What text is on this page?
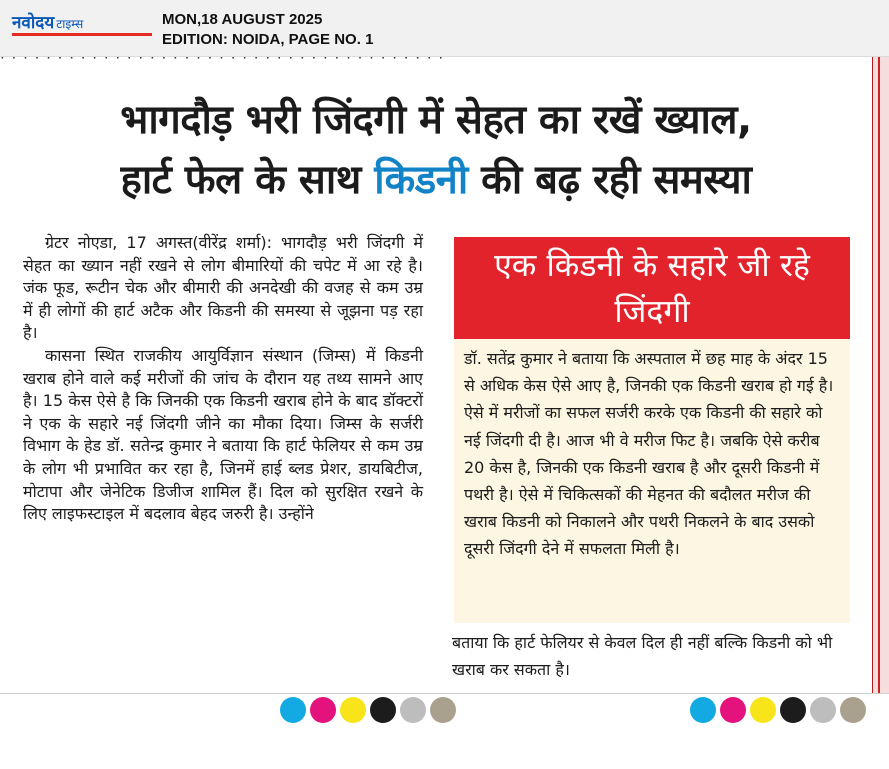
नवोदय टाइम्स	MON,18 AUGUST 2025
EDITION: NOIDA, PAGE NO. 1
· · · · · · · · · · · · · · · · · · · · · · · · · · · · · · · · · · · · · · ·
भागदौड़ भरी जिंदगी में सेहत का रखें ख्याल,
हार्ट फेल के साथ किडनी की बढ़ रही समस्या

ग्रेटर नोएडा, 17 अगस्त(वीरेंद्र शर्मा): भागदौड़ भरी जिंदगी में सेहत का ख्यान नहीं रखने से लोग बीमारियों की चपेट में आ रहे है। जंक फूड, रूटीन चेक और बीमारी की अनदेखी की वजह से कम उम्र में ही लोगों की हार्ट अटैक और किडनी की समस्या से जूझना पड़ रहा है।

कासना स्थित राजकीय आयुर्विज्ञान संस्थान (जिम्स) में किडनी खराब होने वाले कई मरीजों की जांच के दौरान यह तथ्य सामने आए है। 15 केस ऐसे है कि जिनकी एक किडनी खराब होने के बाद डॉक्टरों ने एक के सहारे नई जिंदगी जीने का मौका दिया। जिम्स के सर्जरी विभाग के हेड डॉ. सतेन्द्र कुमार ने बताया कि हार्ट फेलियर से कम उम्र के लोग भी प्रभावित कर रहा है, जिनमें हाई ब्लड प्रेशर, डायबिटीज, मोटापा और जेनेटिक डिजीज शामिल हैं। दिल को सुरक्षित रखने के लिए लाइफस्टाइल में बदलाव बेहद जरुरी है। उन्होंने

एक किडनी के सहारे जी रहे जिंदगी
डॉ. सतेंद्र कुमार ने बताया कि अस्पताल में छह माह के अंदर 15 से अधिक केस ऐसे आए है, जिनकी एक किडनी खराब हो गई है। ऐसे में मरीजों का सफल सर्जरी करके एक किडनी की सहारे को नई जिंदगी दी है। आज भी वे मरीज फिट है। जबकि ऐसे करीब 20 केस है, जिनकी एक किडनी खराब है और दूसरी किडनी में पथरी है। ऐसे में चिकित्सकों की मेहनत की बदौलत मरीज की खराब किडनी को निकालने और पथरी निकलने के बाद उसको दूसरी जिंदगी देने में सफलता मिली है।
बताया कि हार्ट फेलियर से केवल दिल ही नहीं बल्कि किडनी को भी खराब कर सकता है।
